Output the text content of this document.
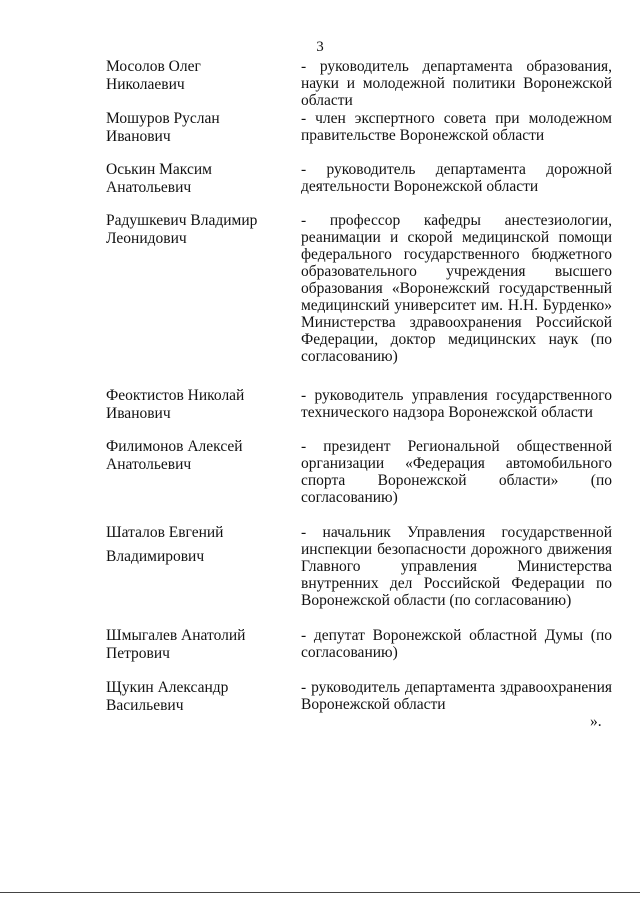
3
Мосолов Олег
Николаевич
- руководитель департамента образования,
науки и молодежной политики Воронежской
области
Мошуров Руслан
Иванович
- член экспертного совета при молодежном
правительстве Воронежской области
Оськин Максим
Анатольевич
- руководитель департамента дорожной
деятельности Воронежской области
Радушкевич Владимир
Леонидович
- профессор кафедры анестезиологии,
реанимации и скорой медицинской помощи
федерального государственного бюджетного
образовательного учреждения высшего
образования «Воронежский государственный
медицинский университет им. Н.Н. Бурденко»
Министерства здравоохранения Российской
Федерации, доктор медицинских наук (по
согласованию)
Феоктистов Николай
Иванович
- руководитель управления государственного
технического надзора Воронежской области
Филимонов Алексей
Анатольевич
- президент Региональной общественной
организации «Федерация автомобильного
спорта Воронежской области» (по
согласованию)
Шаталов Евгений
Владимирович
- начальник Управления государственной
инспекции безопасности дорожного движения
Главного управления Министерства
внутренних дел Российской Федерации по
Воронежской области (по согласованию)
Шмыгалев Анатолий
Петрович
- депутат Воронежской областной Думы (по
согласованию)
Щукин Александр
Васильевич
- руководитель департамента здравоохранения
Воронежской области
».
